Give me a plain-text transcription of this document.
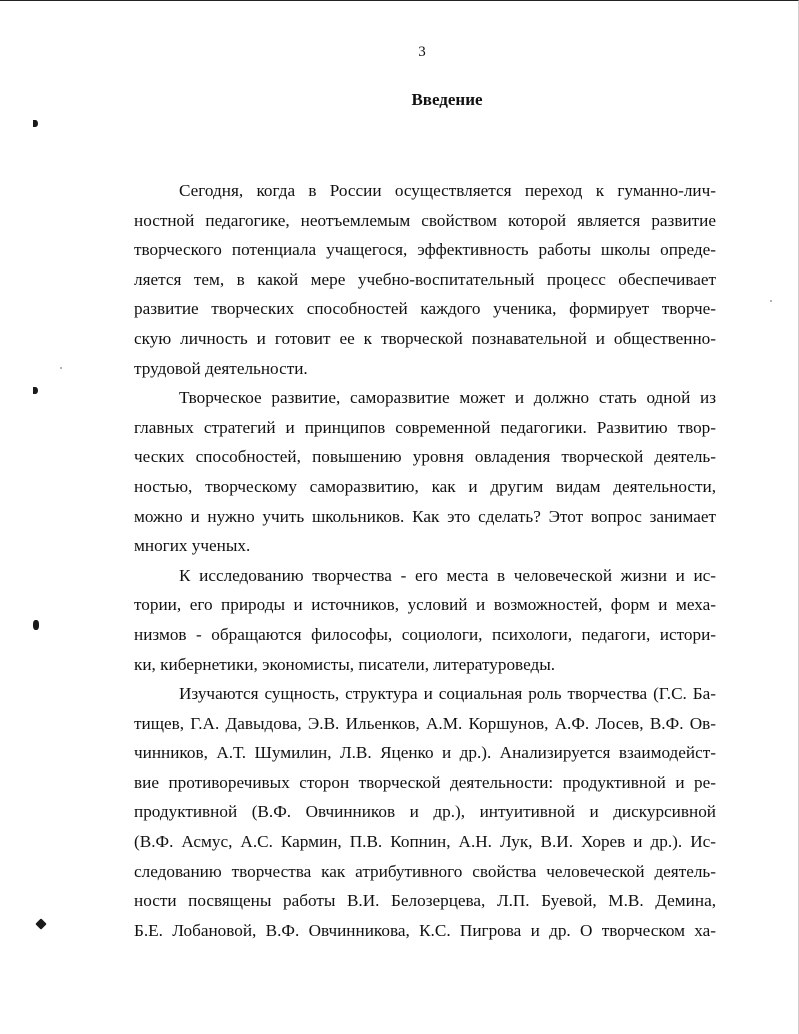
3
Введение
Сегодня, когда в России осуществляется переход к гуманно-лич-
ностной педагогике, неотъемлемым свойством которой является развитие
творческого потенциала учащегося, эффективность работы школы опреде-
ляется тем, в какой мере учебно-воспитательный процесс обеспечивает
развитие творческих способностей каждого ученика, формирует творче-
скую личность и готовит ее к творческой познавательной и общественно-
трудовой деятельности.
Творческое развитие, саморазвитие может и должно стать одной из
главных стратегий и принципов современной педагогики. Развитию твор-
ческих способностей, повышению уровня овладения творческой деятель-
ностью, творческому саморазвитию, как и другим видам деятельности,
можно и нужно учить школьников. Как это сделать? Этот вопрос занимает
многих ученых.
К исследованию творчества - его места в человеческой жизни и ис-
тории, его природы и источников, условий и возможностей, форм и меха-
низмов - обращаются философы, социологи, психологи, педагоги, истори-
ки, кибернетики, экономисты, писатели, литературоведы.
Изучаются сущность, структура и социальная роль творчества (Г.С. Ба-
тищев, Г.А. Давыдова, Э.В. Ильенков, А.М. Коршунов, А.Ф. Лосев, В.Ф. Ов-
чинников, А.Т. Шумилин, Л.В. Яценко и др.). Анализируется взаимодейст-
вие противоречивых сторон творческой деятельности: продуктивной и ре-
продуктивной (В.Ф. Овчинников и др.), интуитивной и дискурсивной
(В.Ф. Асмус, А.С. Кармин, П.В. Копнин, А.Н. Лук, В.И. Хорев и др.). Ис-
следованию творчества как атрибутивного свойства человеческой деятель-
ности посвящены работы В.И. Белозерцева, Л.П. Буевой, М.В. Демина,
Б.Е. Лобановой, В.Ф. Овчинникова, К.С. Пигрова и др. О творческом ха-
